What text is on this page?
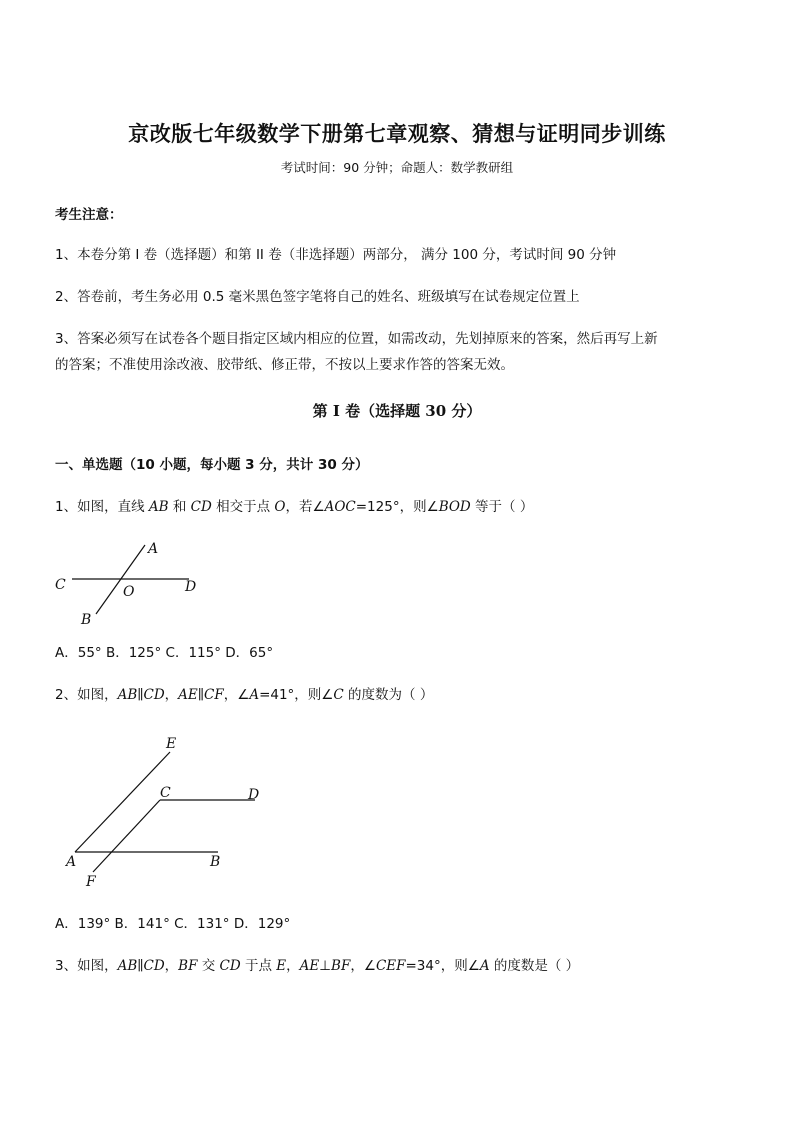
京改版七年级数学下册第七章观察、猜想与证明同步训练
考试时间：90 分钟；命题人：数学教研组
考生注意：
1、本卷分第 I 卷（选择题）和第 II 卷（非选择题）两部分， 满分 100 分，考试时间 90 分钟
2、答卷前，考生务必用 0.5 毫米黑色签字笔将自己的姓名、班级填写在试卷规定位置上
3、答案必须写在试卷各个题目指定区域内相应的位置，如需改动，先划掉原来的答案，然后再写上新
的答案；不准使用涂改液、胶带纸、修正带，不按以上要求作答的答案无效。
第 I 卷（选择题 30 分）
一、单选题（10 小题，每小题 3 分，共计 30 分）
1、如图，直线 AB 和 CD 相交于点 O，若∠AOC=125°，则∠BOD 等于（ ）
A
B
C	D
O
E
C	D
A	B
F
A．55° B．125° C．115° D．65°
2、如图，AB∥CD，AE∥CF，∠A=41°，则∠C 的度数为（ ）
A．139° B．141° C．131° D．129°
3、如图，AB∥CD，BF 交 CD 于点 E，AE⊥BF，∠CEF=34°，则∠A 的度数是（ ）
